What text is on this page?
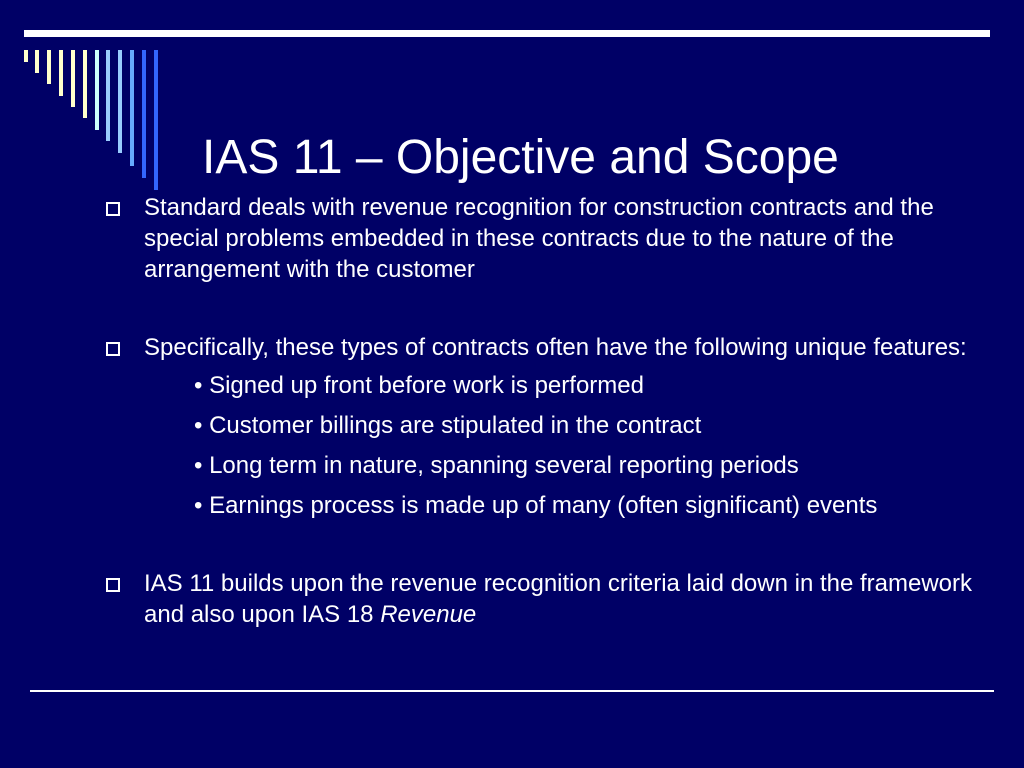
IAS 11 – Objective and Scope
Standard deals with revenue recognition for construction contracts and the special problems embedded in these contracts due to the nature of the arrangement with the customer
Specifically, these types of contracts often have the following unique features:
• Signed up front before work is performed
• Customer billings are stipulated in the contract
• Long term in nature, spanning several reporting periods
• Earnings process is made up of many (often significant) events
IAS 11 builds upon the revenue recognition criteria laid down in the framework and also upon IAS 18 Revenue
